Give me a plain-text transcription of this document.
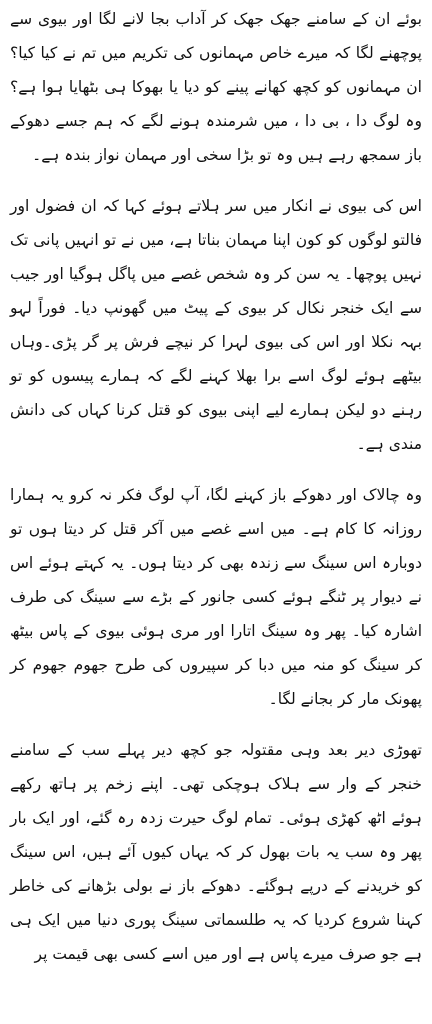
بوئے ان کے سامنے جھک جھک کر آداب بجا لانے لگا اور بیوی سے پوچھنے لگا کہ میرے خاص مہمانوں کی تکریم میں تم نے کیا کیا؟ ان مہمانوں کو کچھ کھانے پینے کو دیا یا بھوکا ہی بٹھایا ہوا ہے؟وہ لوگ دا ، بی دا ، میں شرمندہ ہونے لگے کہ ہم جسے دھوکے باز سمجھ رہے ہیں وہ تو بڑا سخی اور مہمان نواز بندہ ہے۔

اس کی بیوی نے انکار میں سر ہلاتے ہوئے کہا کہ ان فضول اور فالتو لوگوں کو کون اپنا مہمان بناتا ہے، میں نے تو انہیں پانی تک نہیں پوچھا۔ یہ سن کر وہ شخص غصے میں پاگل ہوگیا اور جیب سے ایک خنجر نکال کر بیوی کے پیٹ میں گھونپ دیا۔ فوراً لہو بہہ نکلا اور اس کی بیوی لہرا کر نیچے فرش پر گر پڑی۔وہاں بیٹھے ہوئے لوگ اسے برا بھلا کہنے لگے کہ ہمارے پیسوں کو تو رہنے دو لیکن ہمارے لیے اپنی بیوی کو قتل کرنا کہاں کی دانش مندی ہے۔

وہ چالاک اور دھوکے باز کہنے لگا، آپ لوگ فکر نہ کرو یہ ہمارا روزانہ کا کام ہے۔ میں اسے غصے میں آکر قتل کر دیتا ہوں تو دوبارہ اس سینگ سے زندہ بھی کر دیتا ہوں۔ یہ کہتے ہوئے اس نے دیوار پر ٹنگے ہوئے کسی جانور کے بڑے سے سینگ کی طرف اشارہ کیا۔ پھر وہ سینگ اتارا اور مری ہوئی بیوی کے پاس بیٹھ کر سینگ کو منہ میں دبا کر سپیروں کی طرح جھوم جھوم کر پھونک مار کر بجانے لگا۔

تھوڑی دیر بعد وہی مقتولہ جو کچھ دیر پہلے سب کے سامنے خنجر کے وار سے ہلاک ہوچکی تھی۔ اپنے زخم پر ہاتھ رکھے ہوئے اٹھ کھڑی ہوئی۔ تمام لوگ حیرت زدہ رہ گئے، اور ایک بار پھر وہ سب یہ بات بھول کر کہ یہاں کیوں آئے ہیں، اس سینگ کو خریدنے کے درپے ہوگئے۔ دھوکے باز نے بولی بڑھانے کی خاطر کہنا شروع کردیا کہ یہ طلسماتی سینگ پوری دنیا میں ایک ہی ہے جو صرف میرے پاس ہے اور میں اسے کسی بھی قیمت پر
